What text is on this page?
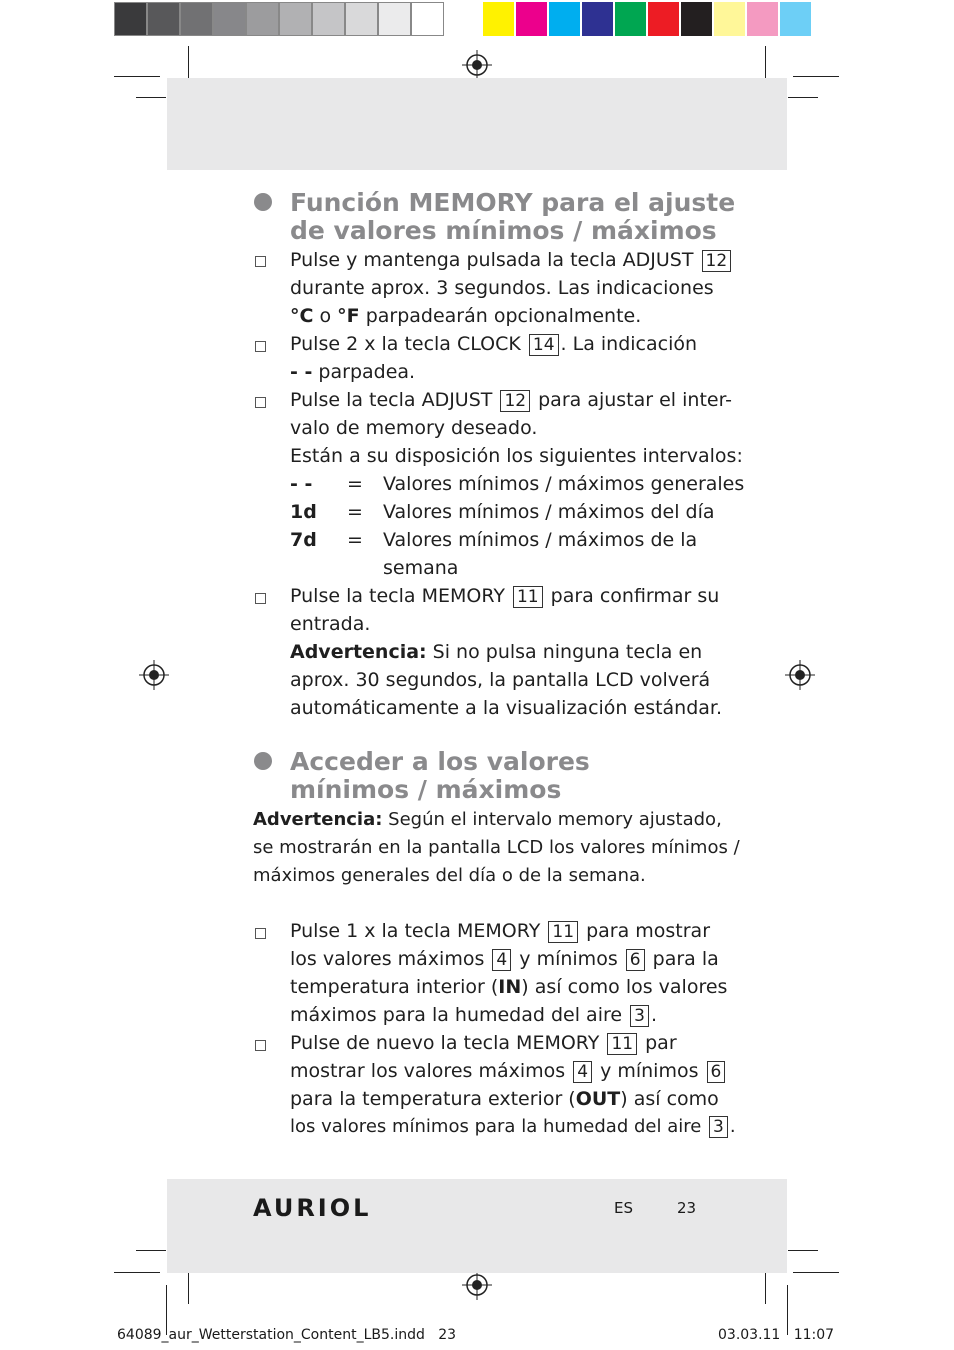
Función MEMORY para el ajuste
de valores mínimos / máximos
Pulse y mantenga pulsada la tecla ADJUST 12
durante aprox. 3 segundos. Las indicaciones
°C o °F parpadearán opcionalmente.
Pulse 2 x la tecla CLOCK 14 . La indicación
- - parpadea.
Pulse la tecla ADJUST 12 para ajustar el inter-
valo de memory deseado.
Están a su disposición los siguientes intervalos:
- - = Valores mínimos / máximos generales
1d = Valores mínimos / máximos del día
7d = Valores mínimos / máximos de la
semana
Pulse la tecla MEMORY 11 para confirmar su
entrada.
Advertencia: Si no pulsa ninguna tecla en
aprox. 30 segundos, la pantalla LCD volverá
automáticamente a la visualización estándar.
Acceder a los valores
mínimos / máximos
Advertencia: Según el intervalo memory ajustado,
se mostrarán en la pantalla LCD los valores mínimos /
máximos generales del día o de la semana.
Pulse 1 x la tecla MEMORY 11 para mostrar
los valores máximos 4 y mínimos 6 para la
temperatura interior (IN) así como los valores
máximos para la humedad del aire 3 .
Pulse de nuevo la tecla MEMORY 11 par
mostrar los valores máximos 4 y mínimos 6
para la temperatura exterior (OUT) así como
los valores mínimos para la humedad del aire 3 .
AURIOL	ES	23
64089_aur_Wetterstation_Content_LB5.indd   23	03.03.11   11:07
